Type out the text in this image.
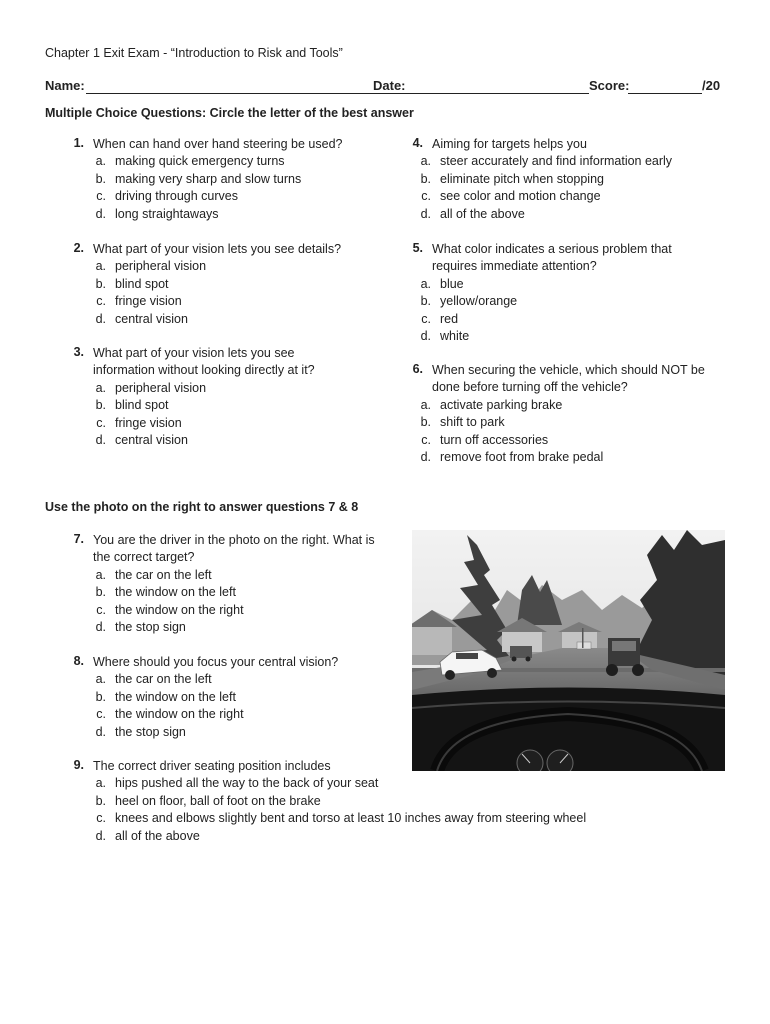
Chapter 1 Exit Exam - “Introduction to Risk and Tools”
Name:	Date:	Score:	/20
Multiple Choice Questions: Circle the letter of the best answer
Use the photo on the right to answer questions 7 & 8
1. When can hand over hand steering be used?
a. making quick emergency turns
b. making very sharp and slow turns
c. driving through curves
d. long straightaways
2. What part of your vision lets you see details?
a. peripheral vision
b. blind spot
c. fringe vision
d. central vision
3. What part of your vision lets you see
information without looking directly at it?
a. peripheral vision
b. blind spot
c. fringe vision
d. central vision
4. Aiming for targets helps you
a. steer accurately and find information early
b. eliminate pitch when stopping
c. see color and motion change
d. all of the above
5. What color indicates a serious problem that
requires immediate attention?
a. blue
b. yellow/orange
c. red
d. white
6. When securing the vehicle, which should NOT be
done before turning off the vehicle?
a. activate parking brake
b. shift to park
c. turn off accessories
d. remove foot from brake pedal
7. You are the driver in the photo on the right. What is
the correct target?
a. the car on the left
b. the window on the left
c. the window on the right
d. the stop sign
8. Where should you focus your central vision?
a. the car on the left
b. the window on the left
c. the window on the right
d. the stop sign
9. The correct driver seating position includes
a. hips pushed all the way to the back of your seat
b. heel on floor, ball of foot on the brake
c. knees and elbows slightly bent and torso at least 10 inches away from steering wheel
d. all of the above
